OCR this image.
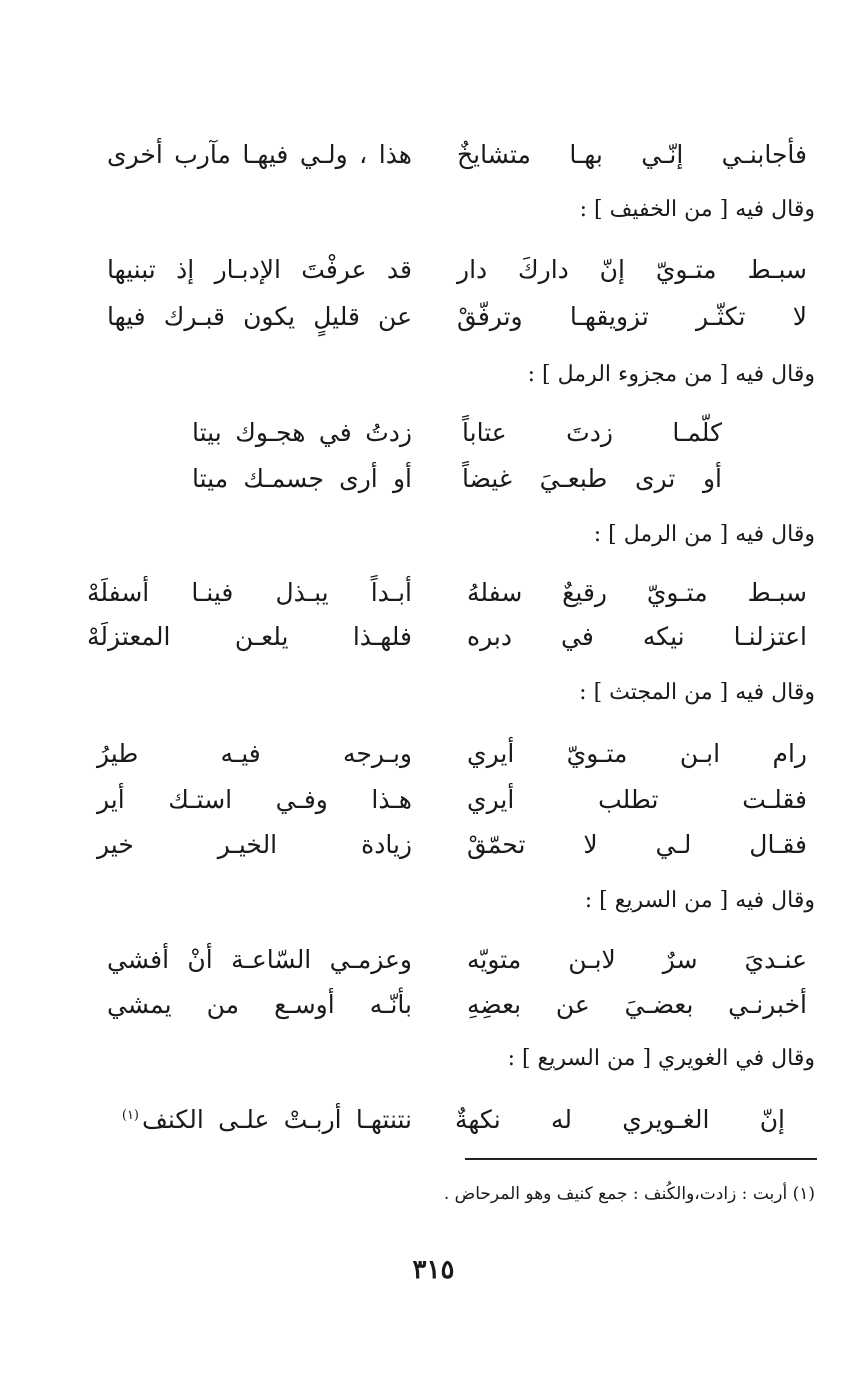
فأجابنـي إنّـي بهـا متشايخٌ
هذا ، ولـي فيهـا مآرب أخرى
وقال فيه [ من الخفيف ] :
سبـط متـويّ إنّ داركَ دار
قد عرفْتَ الإدبـار إذ تبنيها
لا تكثّـر تزويقهـا وترفّقْ
عن قليلٍ يكون قبـرك فيها
وقال فيه [ من مجزوء الرمل ] :
كلّمـا زدتَ عتاباً
زدتُ في هجـوك بيتا
أو ترى طبعـيَ غيضاً
أو أرى جسمـك ميتا
وقال فيه [ من الرمل ] :
سبـط متـويّ رقيعٌ سفلهُ
أبـداً يبـذل فينـا أسفلَهْ
اعتزلنـا نيكه في دبره
فلهـذا يلعـن المعتزلَهْ
وقال فيه [ من المجتث ] :
رام ابـن متـويّ أيري
وبـرجه فيـه طيرُ
فقلـت تطلب أيري
هـذا وفـي استـك أير
فقـال لـي لا تحمّقْ
زيادة الخيـر خير
وقال فيه [ من السريع ] :
عنـديَ سرٌ لابـن متويّه
وعزمـي السّاعـة أنْ أفشي
أخبرنـي بعضـيَ عن بعضِهِ
بأنّـه أوسـع من يمشي
وقال في الغويري [ من السريع ] :
إنّ الغـويري له نكهةٌ
نتنتهـا أربـتْ علـى الكنف
(١)
(١) أربت : زادت،والكُنف : جمع كنيف وهو المرحاض .
٣١٥
